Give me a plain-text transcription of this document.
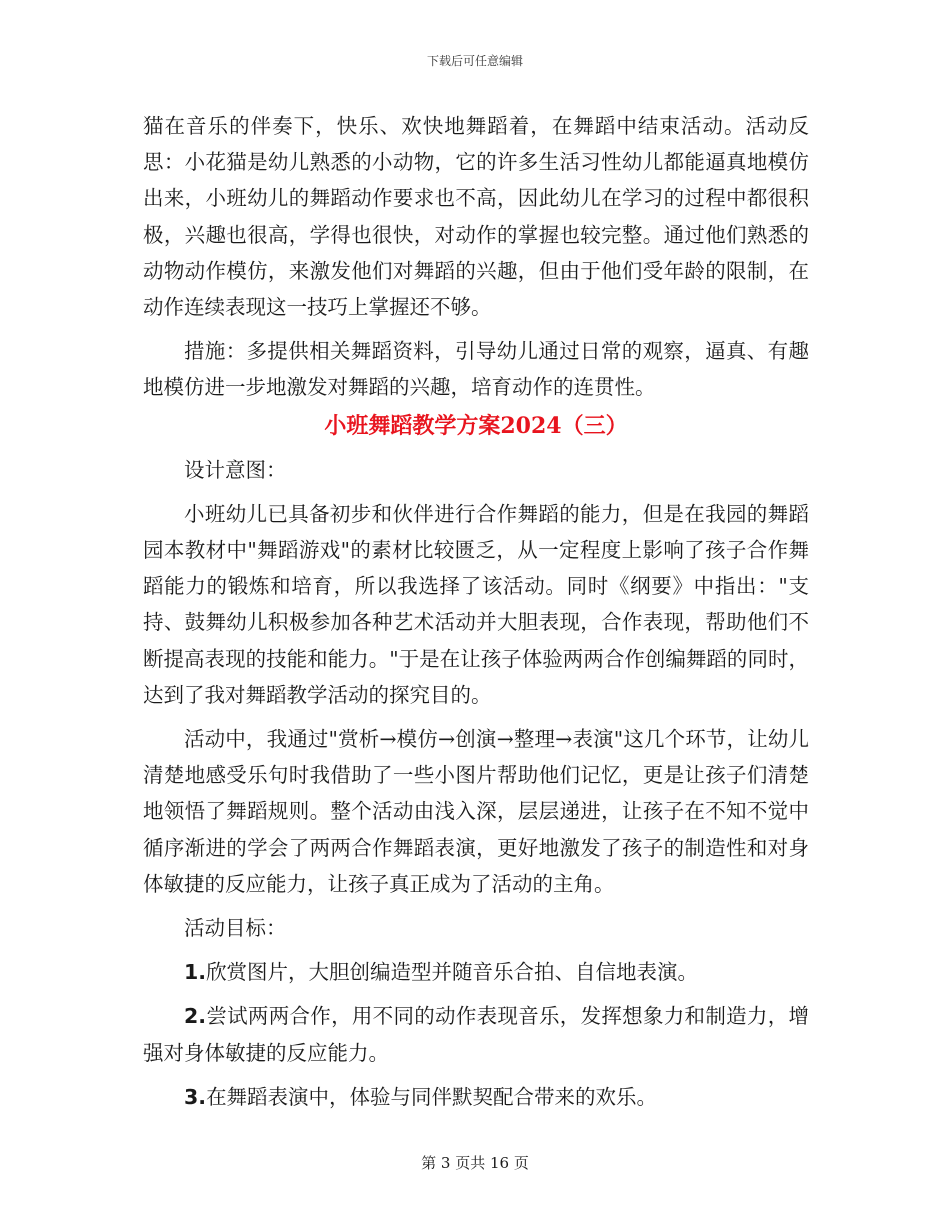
下载后可任意编辑

猫在音乐的伴奏下，快乐、欢快地舞蹈着，在舞蹈中结束活动。活动反思：小花猫是幼儿熟悉的小动物，它的许多生活习性幼儿都能逼真地模仿出来，小班幼儿的舞蹈动作要求也不高，因此幼儿在学习的过程中都很积极，兴趣也很高，学得也很快，对动作的掌握也较完整。通过他们熟悉的动物动作模仿，来激发他们对舞蹈的兴趣，但由于他们受年龄的限制，在动作连续表现这一技巧上掌握还不够。

措施：多提供相关舞蹈资料，引导幼儿通过日常的观察，逼真、有趣地模仿进一步地激发对舞蹈的兴趣，培育动作的连贯性。

小班舞蹈教学方案2024（三）

设计意图：

小班幼儿已具备初步和伙伴进行合作舞蹈的能力，但是在我园的舞蹈园本教材中"舞蹈游戏"的素材比较匮乏，从一定程度上影响了孩子合作舞蹈能力的锻炼和培育，所以我选择了该活动。同时《纲要》中指出："支持、鼓舞幼儿积极参加各种艺术活动并大胆表现，合作表现，帮助他们不断提高表现的技能和能力。"于是在让孩子体验两两合作创编舞蹈的同时，达到了我对舞蹈教学活动的探究目的。

活动中，我通过"赏析→模仿→创演→整理→表演"这几个环节，让幼儿清楚地感受乐句时我借助了一些小图片帮助他们记忆，更是让孩子们清楚地领悟了舞蹈规则。整个活动由浅入深，层层递进，让孩子在不知不觉中循序渐进的学会了两两合作舞蹈表演，更好地激发了孩子的制造性和对身体敏捷的反应能力，让孩子真正成为了活动的主角。

活动目标：

1.欣赏图片，大胆创编造型并随音乐合拍、自信地表演。

2.尝试两两合作，用不同的动作表现音乐，发挥想象力和制造力，增强对身体敏捷的反应能力。

3.在舞蹈表演中，体验与同伴默契配合带来的欢乐。

第 3 页共 16 页
